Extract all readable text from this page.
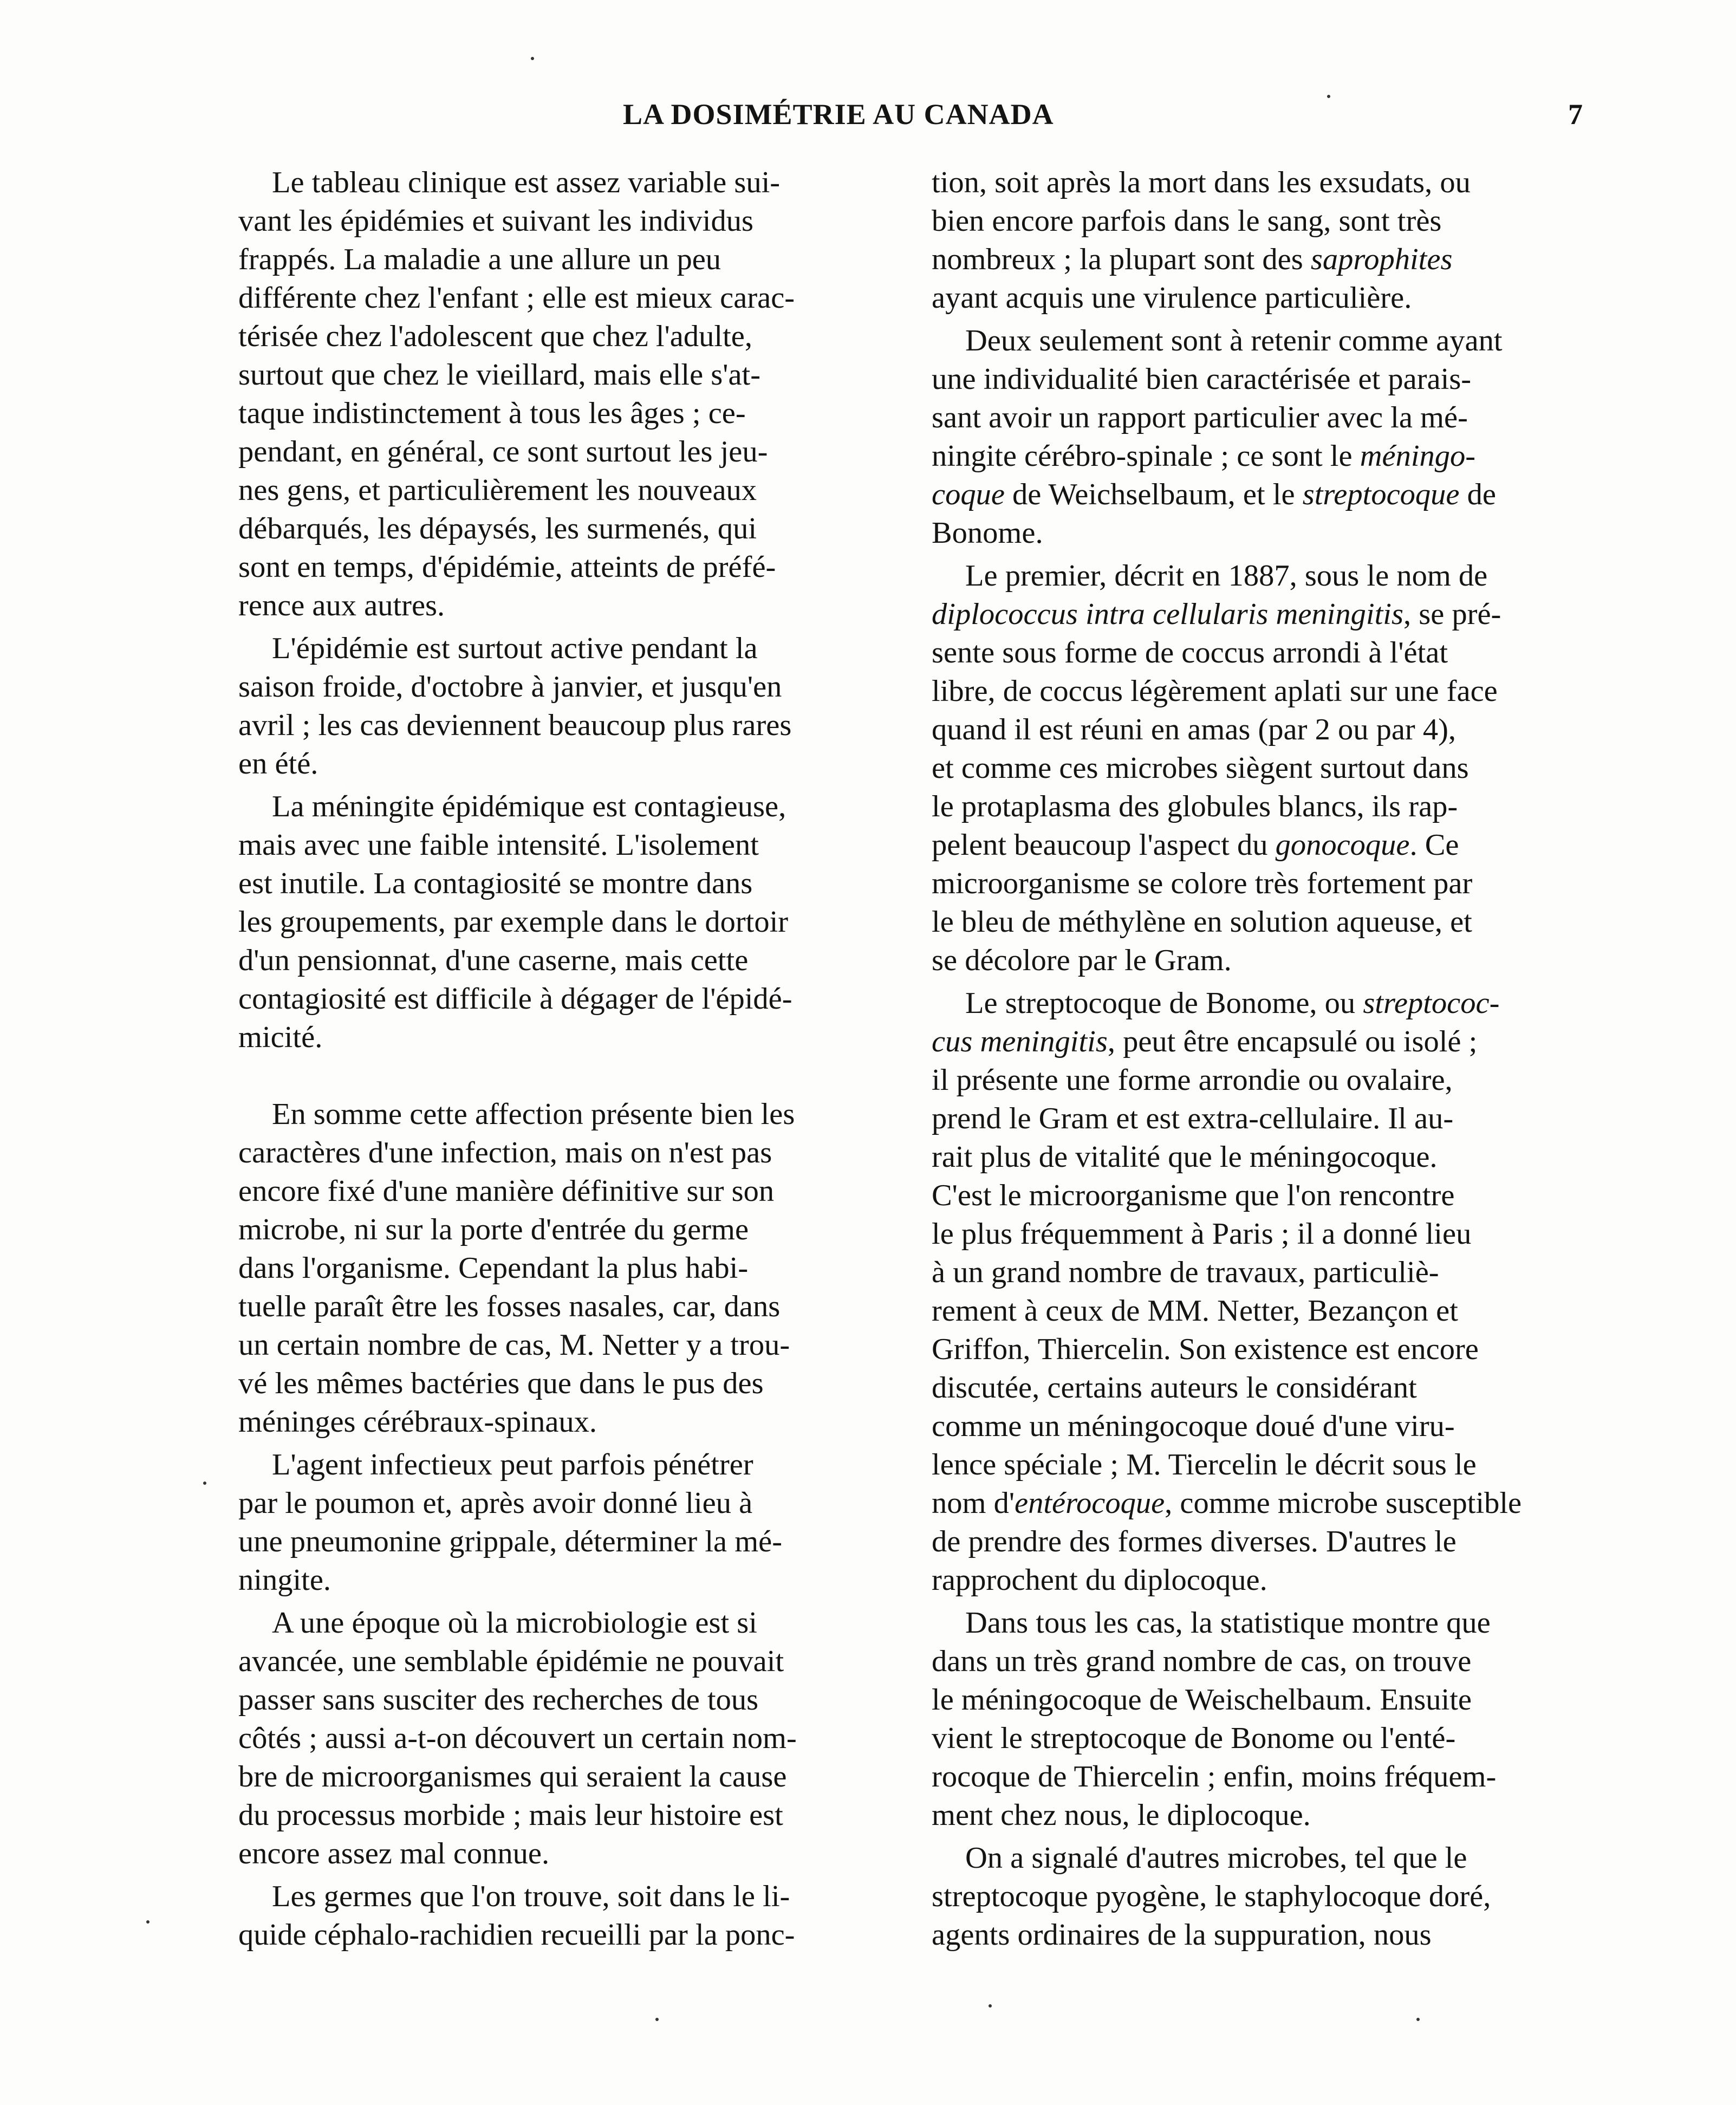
LA DOSIMÉTRIE AU CANADA	7
Le tableau clinique est assez variable sui-
vant les épidémies et suivant les individus
frappés. La maladie a une allure un peu
différente chez l'enfant ; elle est mieux carac-
térisée chez l'adolescent que chez l'adulte,
surtout que chez le vieillard, mais elle s'at-
taque indistinctement à tous les âges ; ce-
pendant, en général, ce sont surtout les jeu-
nes gens, et particulièrement les nouveaux
débarqués, les dépaysés, les surmenés, qui
sont en temps, d'épidémie, atteints de préfé-
rence aux autres.
L'épidémie est surtout active pendant la
saison froide, d'octobre à janvier, et jusqu'en
avril ; les cas deviennent beaucoup plus rares
en été.
La méningite épidémique est contagieuse,
mais avec une faible intensité. L'isolement
est inutile. La contagiosité se montre dans
les groupements, par exemple dans le dortoir
d'un pensionnat, d'une caserne, mais cette
contagiosité est difficile à dégager de l'épidé-
micité.
En somme cette affection présente bien les
caractères d'une infection, mais on n'est pas
encore fixé d'une manière définitive sur son
microbe, ni sur la porte d'entrée du germe
dans l'organisme. Cependant la plus habi-
tuelle paraît être les fosses nasales, car, dans
un certain nombre de cas, M. Netter y a trou-
vé les mêmes bactéries que dans le pus des
méninges cérébraux-spinaux.
L'agent infectieux peut parfois pénétrer
par le poumon et, après avoir donné lieu à
une pneumonine grippale, déterminer la mé-
ningite.
A une époque où la microbiologie est si
avancée, une semblable épidémie ne pouvait
passer sans susciter des recherches de tous
côtés ; aussi a-t-on découvert un certain nom-
bre de microorganismes qui seraient la cause
du processus morbide ; mais leur histoire est
encore assez mal connue.
Les germes que l'on trouve, soit dans le li-
quide céphalo-rachidien recueilli par la ponc-
tion, soit après la mort dans les exsudats, ou
bien encore parfois dans le sang, sont très
nombreux ; la plupart sont des saprophites
ayant acquis une virulence particulière.
Deux seulement sont à retenir comme ayant
une individualité bien caractérisée et parais-
sant avoir un rapport particulier avec la mé-
ningite cérébro-spinale ; ce sont le méningo-
coque de Weichselbaum, et le streptocoque de
Bonome.
Le premier, décrit en 1887, sous le nom de
diplococcus intra cellularis meningitis, se pré-
sente sous forme de coccus arrondi à l'état
libre, de coccus légèrement aplati sur une face
quand il est réuni en amas (par 2 ou par 4),
et comme ces microbes siègent surtout dans
le protaplasma des globules blancs, ils rap-
pelent beaucoup l'aspect du gonocoque. Ce
microorganisme se colore très fortement par
le bleu de méthylène en solution aqueuse, et
se décolore par le Gram.
Le streptocoque de Bonome, ou streptococ-
cus meningitis, peut être encapsulé ou isolé ;
il présente une forme arrondie ou ovalaire,
prend le Gram et est extra-cellulaire. Il au-
rait plus de vitalité que le méningocoque.
C'est le microorganisme que l'on rencontre
le plus fréquemment à Paris ; il a donné lieu
à un grand nombre de travaux, particuliè-
rement à ceux de MM. Netter, Bezançon et
Griffon, Thiercelin. Son existence est encore
discutée, certains auteurs le considérant
comme un méningocoque doué d'une viru-
lence spéciale ; M. Tiercelin le décrit sous le
nom d'entérocoque, comme microbe susceptible
de prendre des formes diverses. D'autres le
rapprochent du diplocoque.
Dans tous les cas, la statistique montre que
dans un très grand nombre de cas, on trouve
le méningocoque de Weischelbaum. Ensuite
vient le streptocoque de Bonome ou l'enté-
rocoque de Thiercelin ; enfin, moins fréquem-
ment chez nous, le diplocoque.
On a signalé d'autres microbes, tel que le
streptocoque pyogène, le staphylocoque doré,
agents ordinaires de la suppuration, nous
